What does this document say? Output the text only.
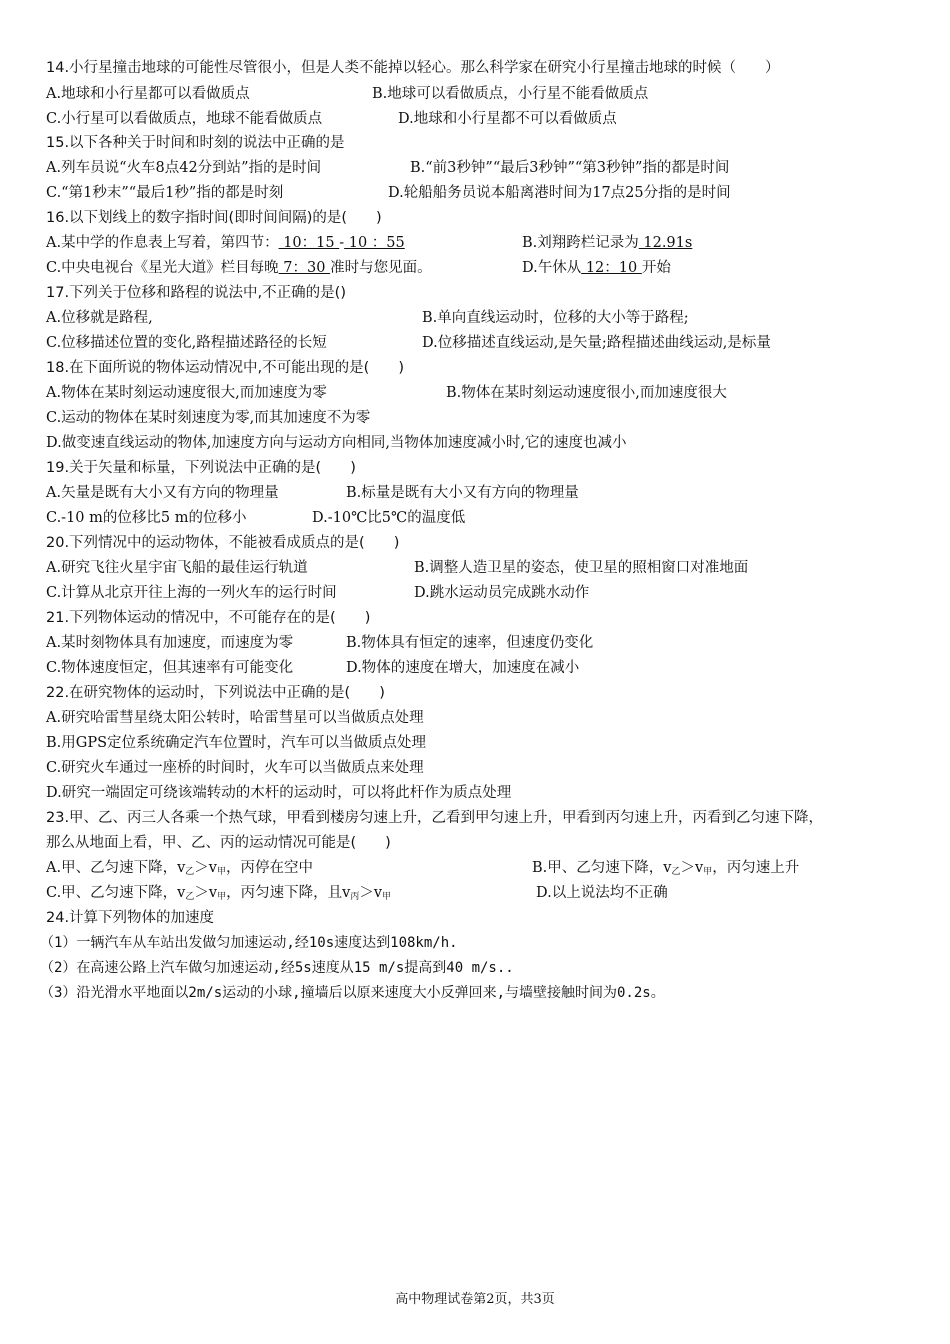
14.小行星撞击地球的可能性尽管很小，但是人类不能掉以轻心。那么科学家在研究小行星撞击地球的时候（　　）
A.地球和小行星都可以看做质点	B.地球可以看做质点，小行星不能看做质点
C.小行星可以看做质点，地球不能看做质点	D.地球和小行星都不可以看做质点
15.以下各种关于时间和时刻的说法中正确的是
A.列车员说“火车8点42分到站”指的是时间	B.“前3秒钟”“最后3秒钟”“第3秒钟”指的都是时间
C.“第1秒末”“最后1秒”指的都是时刻	D.轮船船务员说本船离港时间为17点25分指的是时间
16.以下划线上的数字指时间(即时间间隔)的是(　　)
A.某中学的作息表上写着，第四节： 10：15 - 10 ：55	B.刘翔跨栏记录为 12.91s
C.中央电视台《星光大道》栏目每晚 7：30 准时与您见面。	D.午休从 12：10 开始
17.下列关于位移和路程的说法中,不正确的是()
A.位移就是路程,	B.单向直线运动时，位移的大小等于路程;
C.位移描述位置的变化,路程描述路径的长短	D.位移描述直线运动,是矢量;路程描述曲线运动,是标量
18.在下面所说的物体运动情况中,不可能出现的是(　　)
A.物体在某时刻运动速度很大,而加速度为零	B.物体在某时刻运动速度很小,而加速度很大
C.运动的物体在某时刻速度为零,而其加速度不为零
D.做变速直线运动的物体,加速度方向与运动方向相同,当物体加速度减小时,它的速度也减小
19.关于矢量和标量，下列说法中正确的是(　　)
A.矢量是既有大小又有方向的物理量	B.标量是既有大小又有方向的物理量
C.-10 m的位移比5 m的位移小	D.-10℃比5℃的温度低
20.下列情况中的运动物体，不能被看成质点的是(　　)
A.研究飞往火星宇宙飞船的最佳运行轨道	B.调整人造卫星的姿态，使卫星的照相窗口对准地面
C.计算从北京开往上海的一列火车的运行时间	D.跳水运动员完成跳水动作
21.下列物体运动的情况中，不可能存在的是(　　)
A.某时刻物体具有加速度，而速度为零	B.物体具有恒定的速率，但速度仍变化
C.物体速度恒定，但其速率有可能变化	D.物体的速度在增大，加速度在减小
22.在研究物体的运动时，下列说法中正确的是(　　)
A.研究哈雷彗星绕太阳公转时，哈雷彗星可以当做质点处理
B.用GPS定位系统确定汽车位置时，汽车可以当做质点处理
C.研究火车通过一座桥的时间时，火车可以当做质点来处理
D.研究一端固定可绕该端转动的木杆的运动时，可以将此杆作为质点处理
23.甲、乙、丙三人各乘一个热气球，甲看到楼房匀速上升，乙看到甲匀速上升，甲看到丙匀速上升，丙看到乙匀速下降，
那么从地面上看，甲、乙、丙的运动情况可能是(　　)
A.甲、乙匀速下降，$v_乙>v_甲$，丙停在空中	B.甲、乙匀速下降，$v_乙>v_甲$，丙匀速上升
C.甲、乙匀速下降，$v_乙>v_甲$，丙匀速下降，且$v_丙>v_甲$	D.以上说法均不正确
24.计算下列物体的加速度
（1）一辆汽车从车站出发做匀加速运动,经10s速度达到108km/h.
（2）在高速公路上汽车做匀加速运动,经5s速度从15 m/s提高到40 m/s..
（3）沿光滑水平地面以2m/s运动的小球,撞墙后以原来速度大小反弹回来,与墙壁接触时间为0.2s。
高中物理试卷第2页，共3页
